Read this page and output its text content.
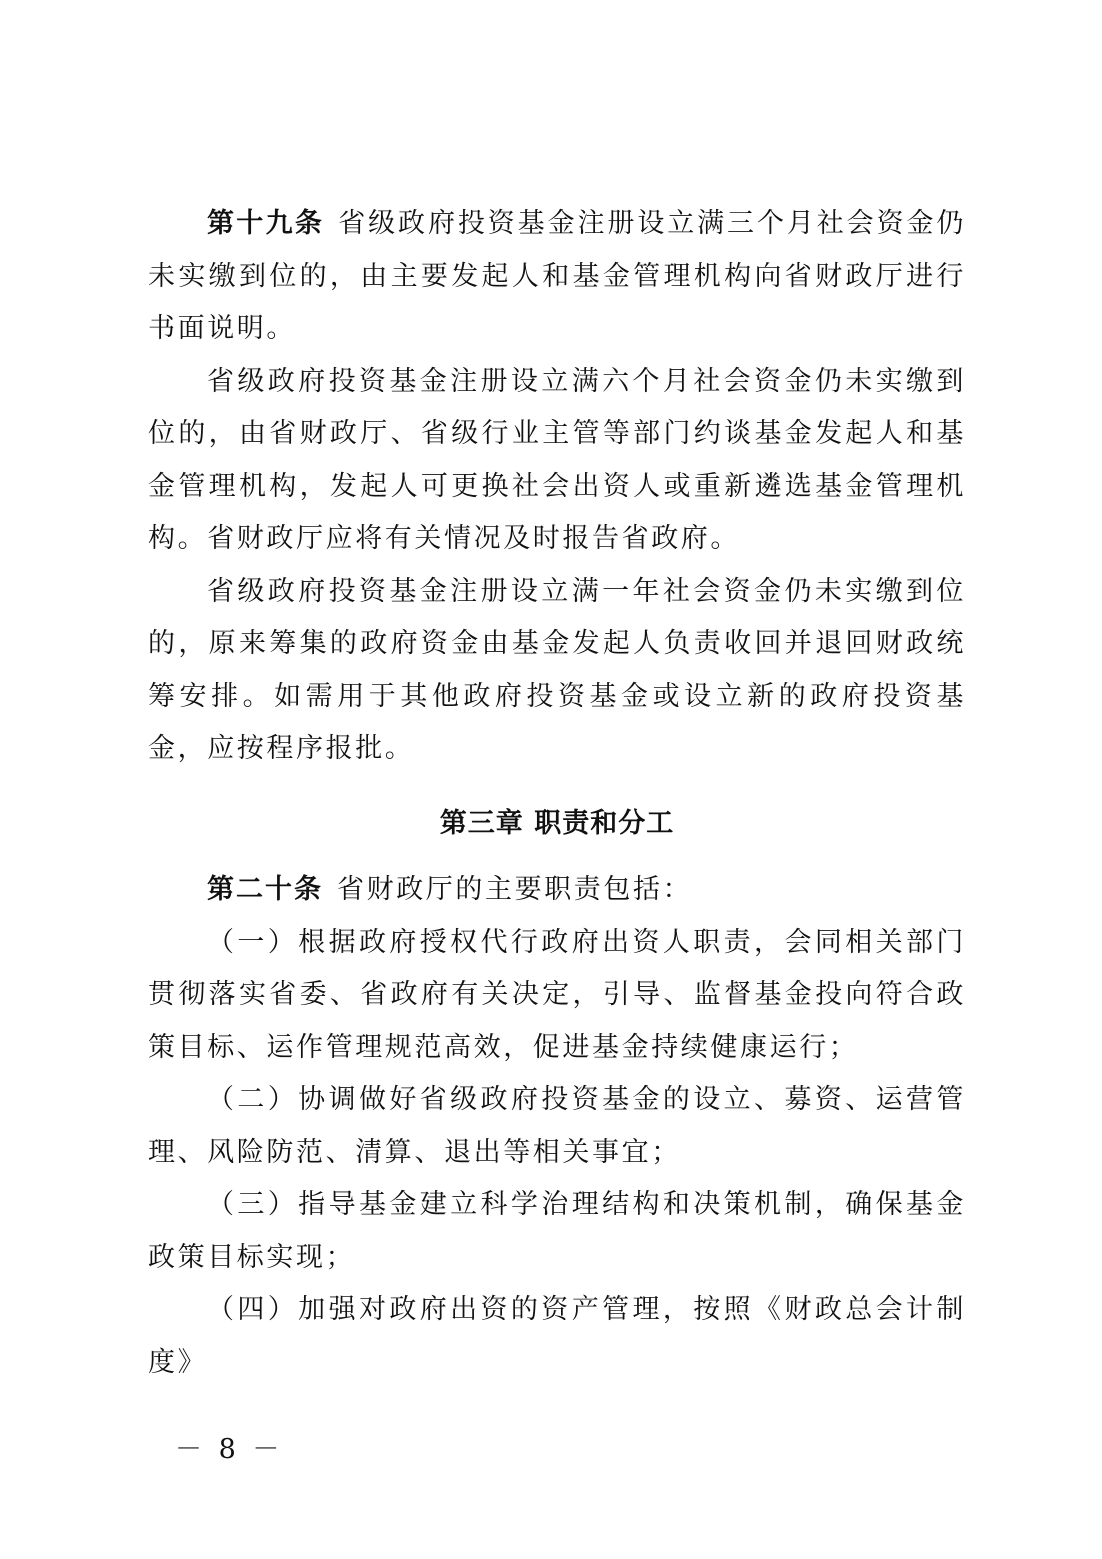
第十九条 省级政府投资基金注册设立满三个月社会资金仍未实缴到位的，由主要发起人和基金管理机构向省财政厅进行书面说明。

省级政府投资基金注册设立满六个月社会资金仍未实缴到位的，由省财政厅、省级行业主管等部门约谈基金发起人和基金管理机构，发起人可更换社会出资人或重新遴选基金管理机构。省财政厅应将有关情况及时报告省政府。

省级政府投资基金注册设立满一年社会资金仍未实缴到位的，原来筹集的政府资金由基金发起人负责收回并退回财政统筹安排。如需用于其他政府投资基金或设立新的政府投资基金，应按程序报批。

第三章 职责和分工

第二十条 省财政厅的主要职责包括：

（一）根据政府授权代行政府出资人职责，会同相关部门贯彻落实省委、省政府有关决定，引导、监督基金投向符合政策目标、运作管理规范高效，促进基金持续健康运行；

（二）协调做好省级政府投资基金的设立、募资、运营管理、风险防范、清算、退出等相关事宜；

（三）指导基金建立科学治理结构和决策机制，确保基金政策目标实现；

（四）加强对政府出资的资产管理，按照《财政总会计制度》

－ 8 －
